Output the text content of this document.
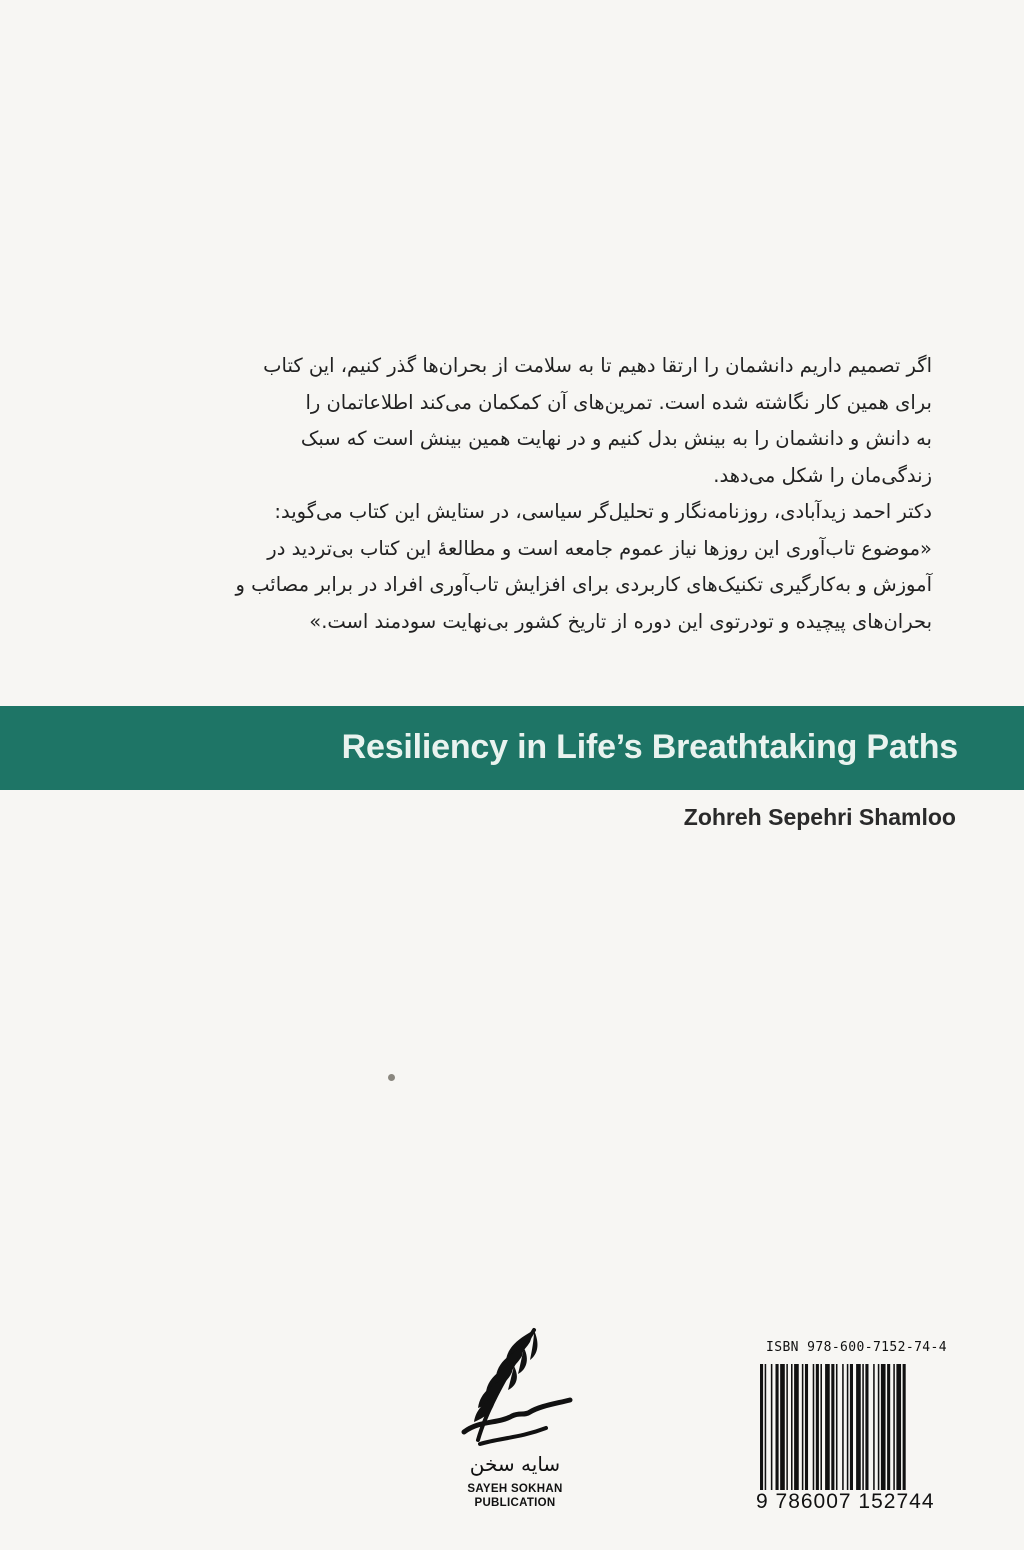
اگر تصمیم داریم دانشمان را ارتقا دهیم تا به سلامت از بحران‌ها گذر کنیم، این کتاب
برای همین کار نگاشته شده است. تمرین‌های آن کمکمان می‌کند اطلاعاتمان را
به دانش و دانشمان را به بینش بدل کنیم و در نهایت همین بینش است که سبک
زندگی‌مان را شکل می‌دهد.

دکتر احمد زیدآبادی، روزنامه‌نگار و تحلیل‌گر سیاسی، در ستایش این کتاب می‌گوید:
«موضوع تاب‌آوری این روزها نیاز عموم جامعه است و مطالعهٔ این کتاب بی‌تردید در
آموزش و به‌کارگیری تکنیک‌های کاربردی برای افزایش تاب‌آوری افراد در برابر مصائب و
بحران‌های پیچیده و تودرتوی این دوره از تاریخ کشور بی‌نهایت سودمند است.»

Resiliency in Life’s Breathtaking Paths
Zohreh Sepehri Shamloo
سایه سخن
SAYEH SOKHAN
PUBLICATION
ISBN 978-600-7152-74-4
9 786007 152744
